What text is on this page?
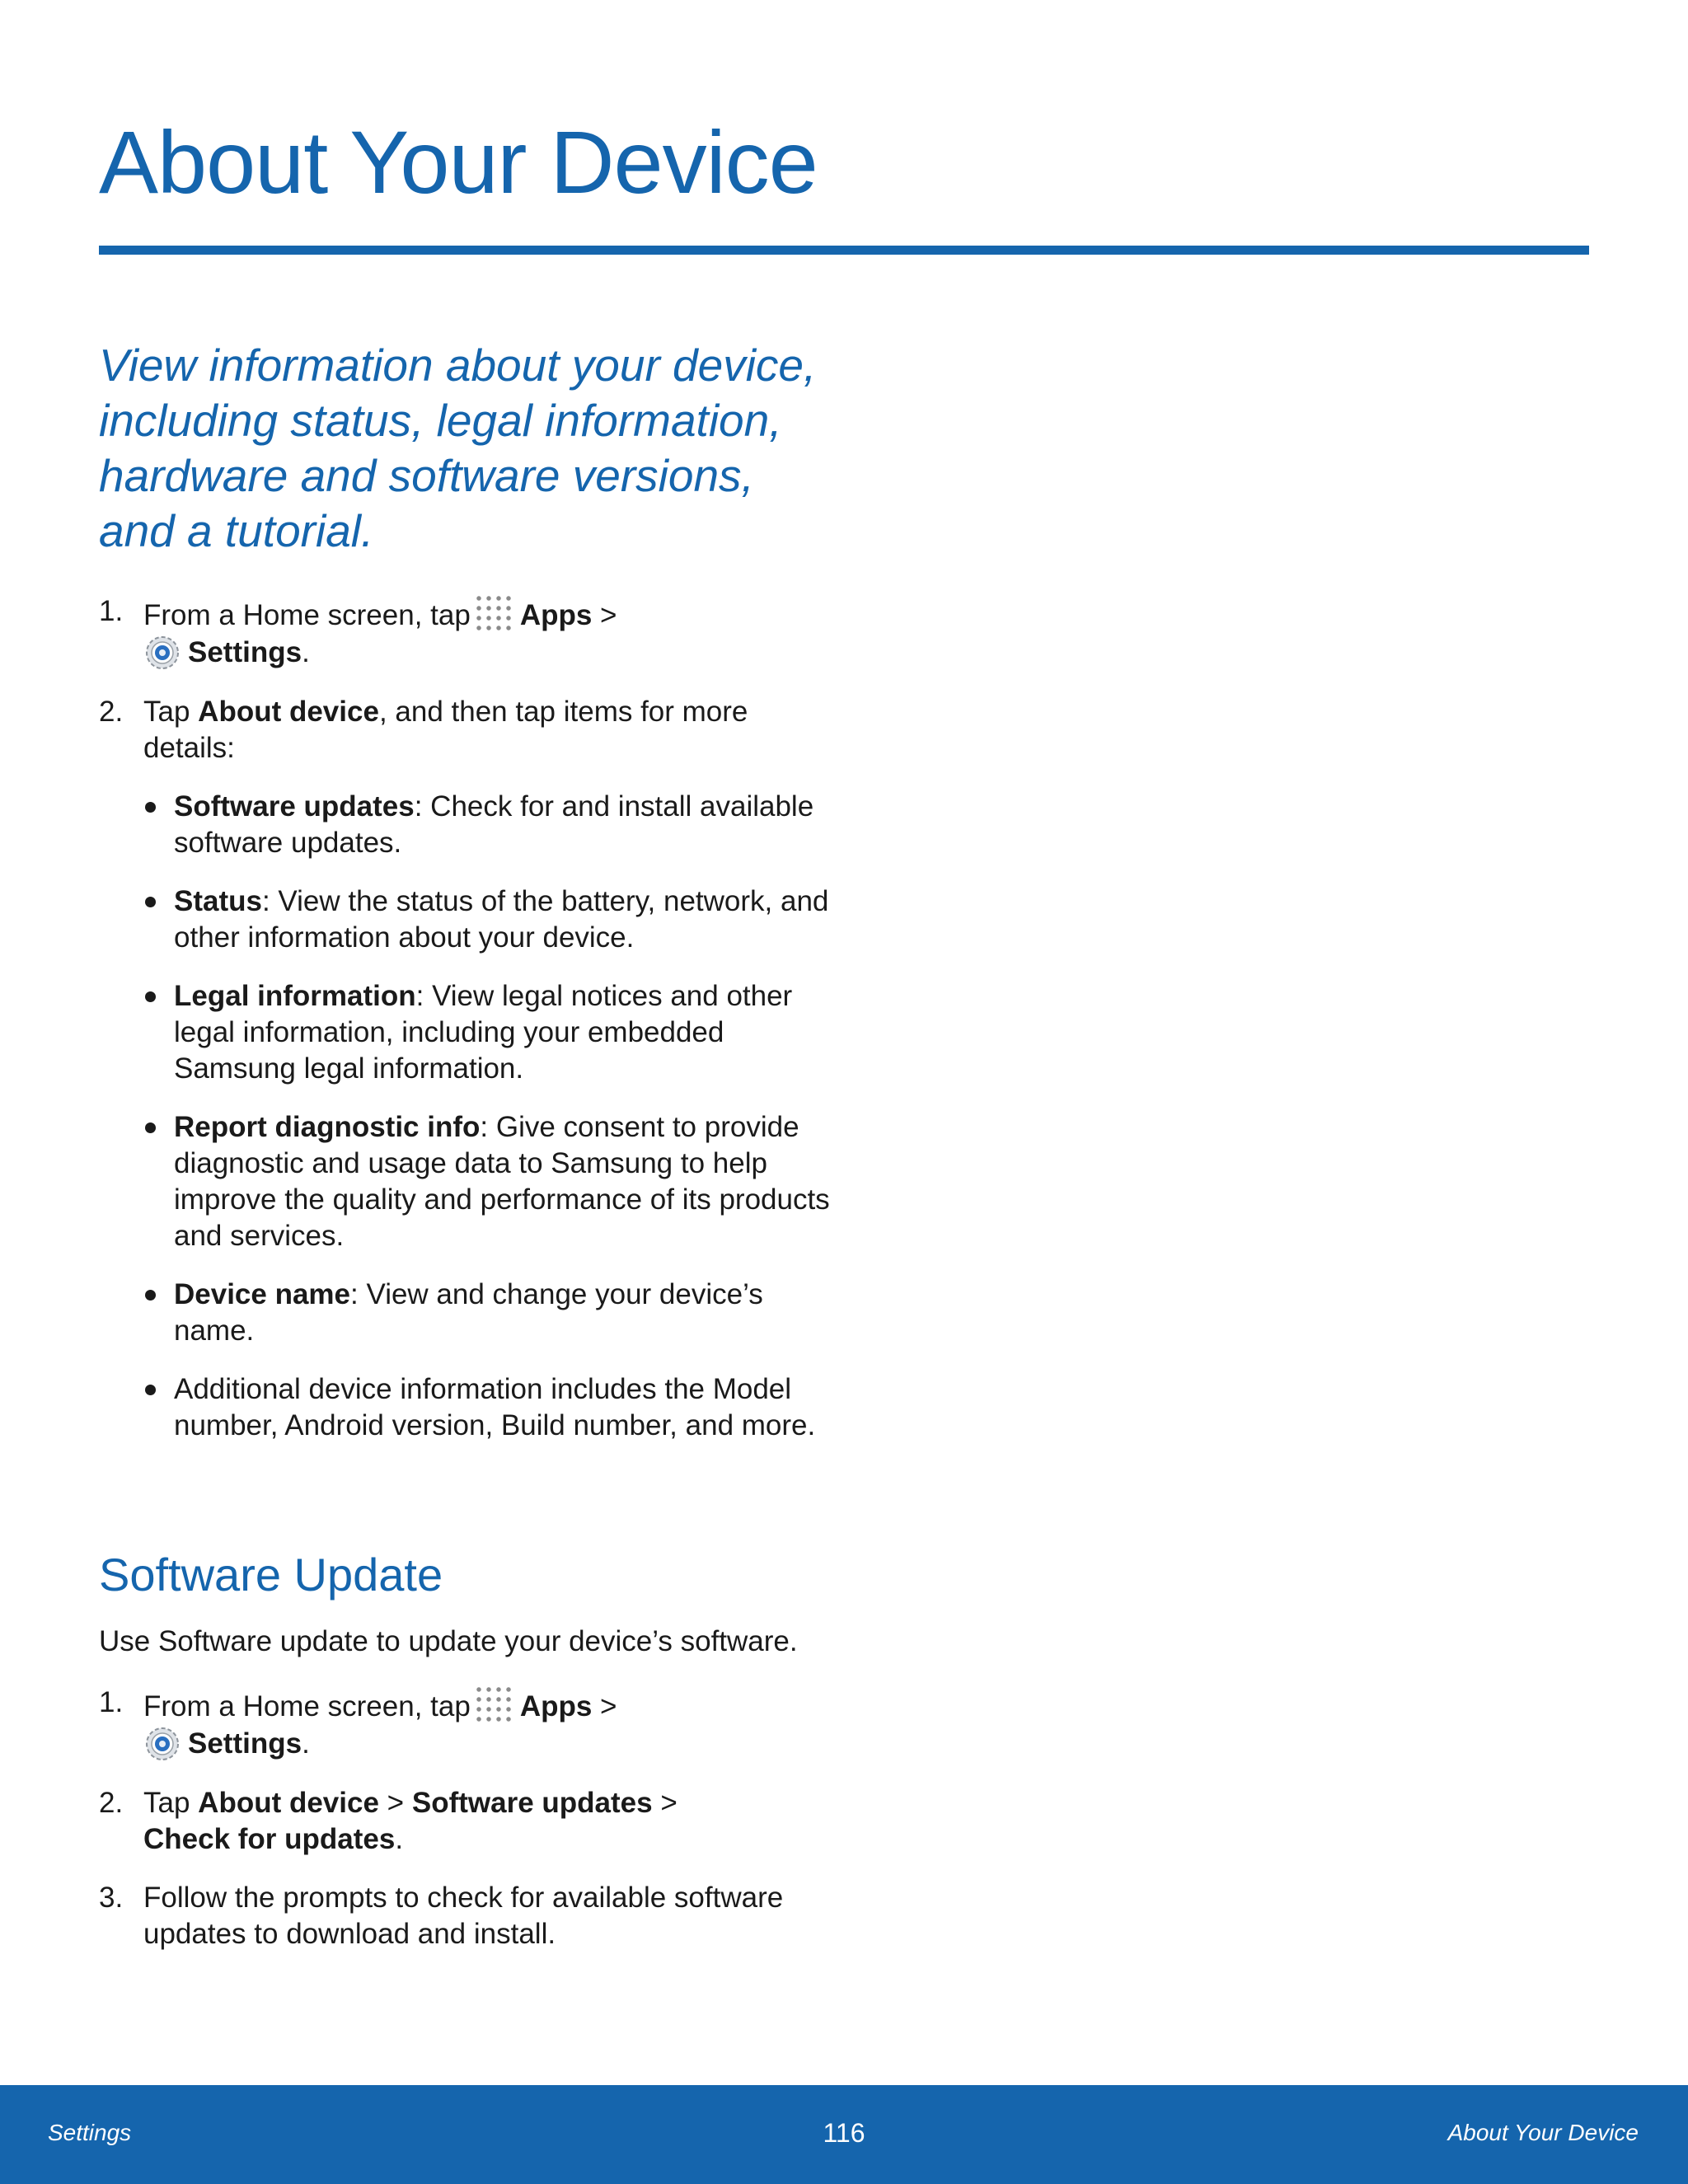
About Your Device

View information about your device, including status, legal information, hardware and software versions, and a tutorial.

1. From a Home screen, tap Apps >
Settings.
2. Tap About device, and then tap items for more details:
Software updates: Check for and install available software updates.
Status: View the status of the battery, network, and other information about your device.
Legal information: View legal notices and other legal information, including your embedded Samsung legal information.
Report diagnostic info: Give consent to provide diagnostic and usage data to Samsung to help improve the quality and performance of its products and services.
Device name: View and change your device’s name.
Additional device information includes the Model number, Android version, Build number, and more.
Software Update

Use Software update to update your device’s software.

1. From a Home screen, tap Apps >
Settings.
2. Tap About device > Software updates >
Check for updates.
3. Follow the prompts to check for available software updates to download and install.
Settings	116	About Your Device
